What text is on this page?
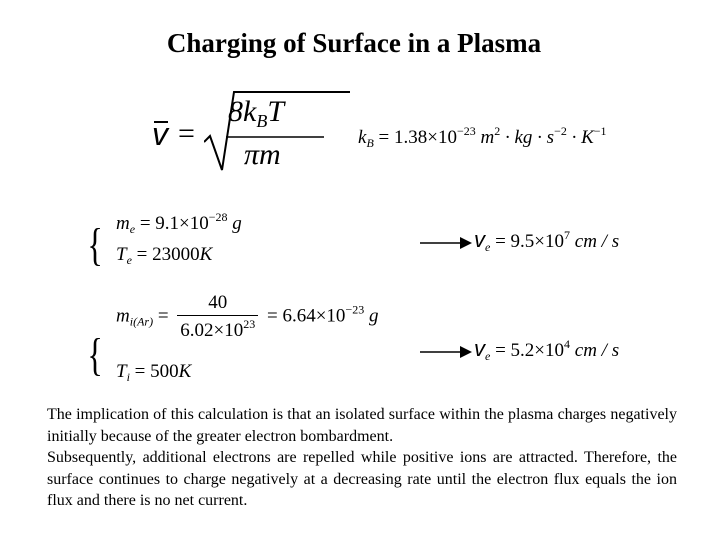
Charging of Surface in a Plasma
v =
$8k_BT$
πm
$k_B = 1.38\times 10^{-23}$ $m^2$ · kg · $s^{-2} \cdot K^{-1}$
{ $m_e = 9.1\times 10^{-28}$ g
$T_e = 23000K$
$v_e = 9.5\times 10^7$ cm / s
$m_{i(Ar)} = \frac{40}{6.02\times 10^{23}} = 6.64\times 10^{-23}$ g
{ $T_i = 500K$
$v_e = 5.2\times 10^4$ cm / s

The implication of this calculation is that an isolated surface within the plasma charges negatively initially because of the greater electron bombardment.

Subsequently, additional electrons are repelled while positive ions are attracted. Therefore, the surface continues to charge negatively at a decreasing rate until the electron flux equals the ion flux and there is no net current.
